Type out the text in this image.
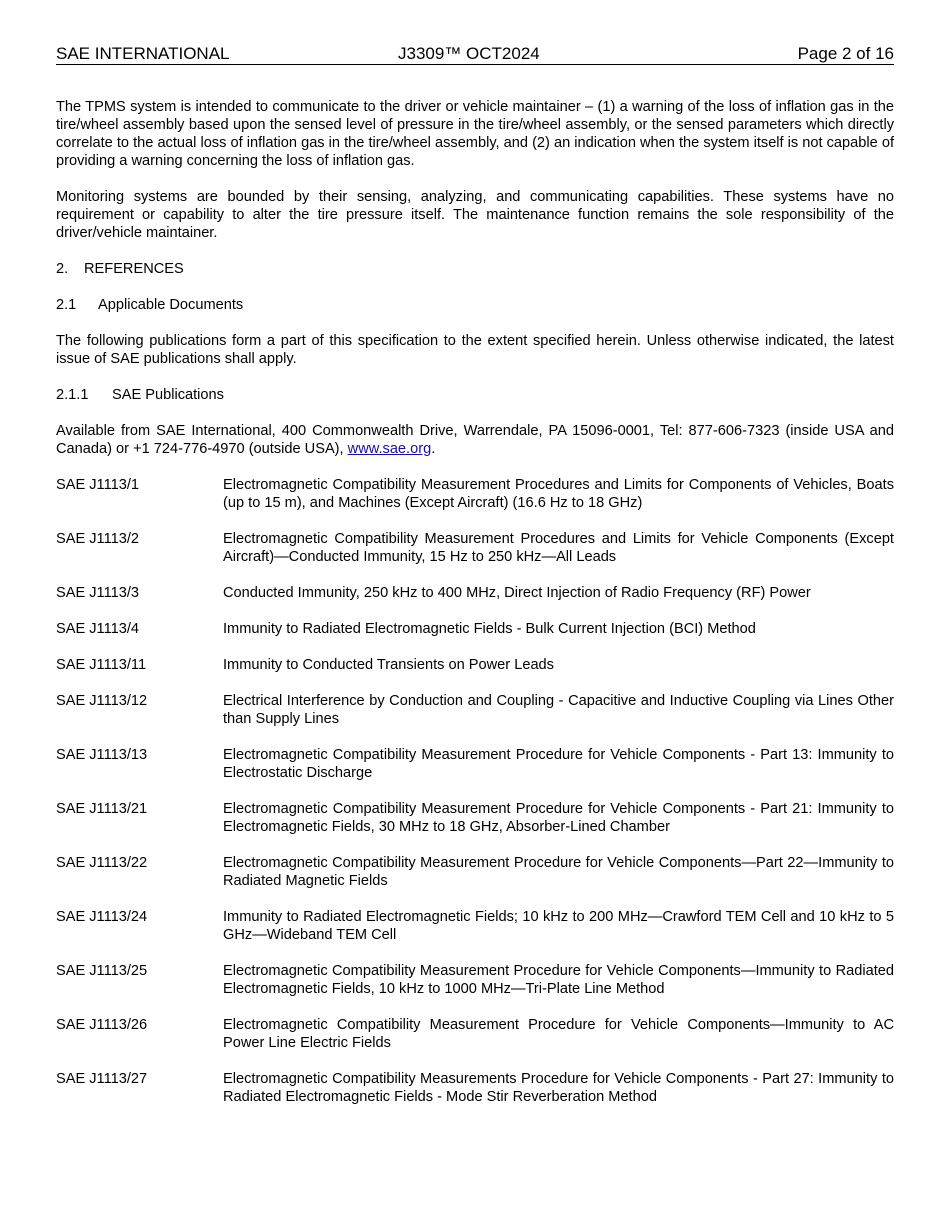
SAE INTERNATIONAL	J3309™ OCT2024	Page 2 of 16

The TPMS system is intended to communicate to the driver or vehicle maintainer – (1) a warning of the loss of inflation gas in the tire/wheel assembly based upon the sensed level of pressure in the tire/wheel assembly, or the sensed parameters which directly correlate to the actual loss of inflation gas in the tire/wheel assembly, and (2) an indication when the system itself is not capable of providing a warning concerning the loss of inflation gas.

Monitoring systems are bounded by their sensing, analyzing, and communicating capabilities. These systems have no requirement or capability to alter the tire pressure itself. The maintenance function remains the sole responsibility of the driver/vehicle maintainer.

2. REFERENCES
2.1 Applicable Documents

The following publications form a part of this specification to the extent specified herein. Unless otherwise indicated, the latest issue of SAE publications shall apply.

2.1.1 SAE Publications

Available from SAE International, 400 Commonwealth Drive, Warrendale, PA 15096-0001, Tel: 877-606-7323 (inside USA and Canada) or +1 724-776-4970 (outside USA), www.sae.org.

SAE J1113/1	Electromagnetic Compatibility Measurement Procedures and Limits for Components of Vehicles, Boats (up to 15 m), and Machines (Except Aircraft) (16.6 Hz to 18 GHz)
SAE J1113/2	Electromagnetic Compatibility Measurement Procedures and Limits for Vehicle Components (Except Aircraft)—Conducted Immunity, 15 Hz to 250 kHz—All Leads
SAE J1113/3	Conducted Immunity, 250 kHz to 400 MHz, Direct Injection of Radio Frequency (RF) Power
SAE J1113/4	Immunity to Radiated Electromagnetic Fields - Bulk Current Injection (BCI) Method
SAE J1113/11	Immunity to Conducted Transients on Power Leads
SAE J1113/12	Electrical Interference by Conduction and Coupling - Capacitive and Inductive Coupling via Lines Other than Supply Lines
SAE J1113/13	Electromagnetic Compatibility Measurement Procedure for Vehicle Components - Part 13: Immunity to Electrostatic Discharge
SAE J1113/21	Electromagnetic Compatibility Measurement Procedure for Vehicle Components - Part 21: Immunity to Electromagnetic Fields, 30 MHz to 18 GHz, Absorber-Lined Chamber
SAE J1113/22	Electromagnetic Compatibility Measurement Procedure for Vehicle Components—Part 22—Immunity to Radiated Magnetic Fields
SAE J1113/24	Immunity to Radiated Electromagnetic Fields; 10 kHz to 200 MHz—Crawford TEM Cell and 10 kHz to 5 GHz—Wideband TEM Cell
SAE J1113/25	Electromagnetic Compatibility Measurement Procedure for Vehicle Components—Immunity to Radiated Electromagnetic Fields, 10 kHz to 1000 MHz—Tri-Plate Line Method
SAE J1113/26	Electromagnetic Compatibility Measurement Procedure for Vehicle Components—Immunity to AC Power Line Electric Fields
SAE J1113/27	Electromagnetic Compatibility Measurements Procedure for Vehicle Components - Part 27: Immunity to Radiated Electromagnetic Fields - Mode Stir Reverberation Method
